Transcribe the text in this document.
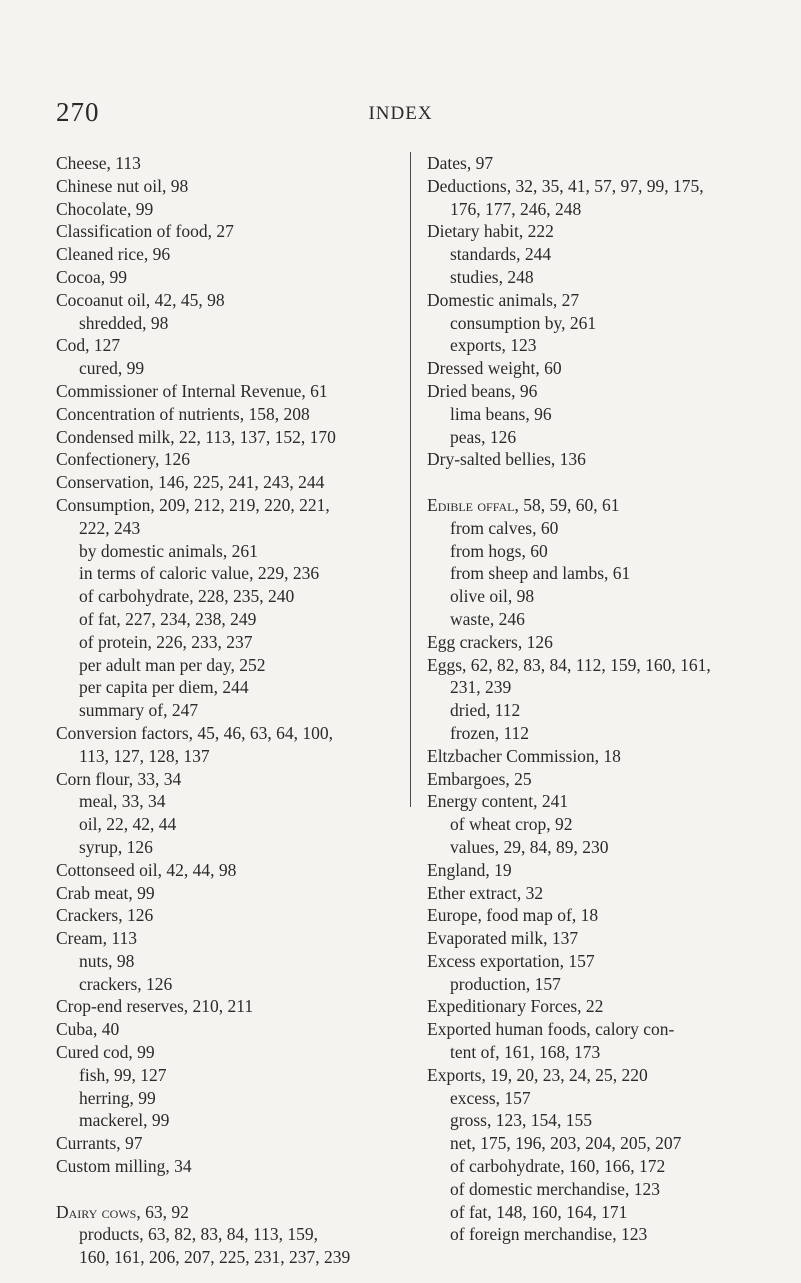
270	INDEX
Cheese, 113
Chinese nut oil, 98
Chocolate, 99
Classification of food, 27
Cleaned rice, 96
Cocoa, 99
Cocoanut oil, 42, 45, 98
shredded, 98
Cod, 127
cured, 99
Commissioner of Internal Revenue, 61
Concentration of nutrients, 158, 208
Condensed milk, 22, 113, 137, 152, 170
Confectionery, 126
Conservation, 146, 225, 241, 243, 244
Consumption, 209, 212, 219, 220, 221,
222, 243
by domestic animals, 261
in terms of caloric value, 229, 236
of carbohydrate, 228, 235, 240
of fat, 227, 234, 238, 249
of protein, 226, 233, 237
per adult man per day, 252
per capita per diem, 244
summary of, 247
Conversion factors, 45, 46, 63, 64, 100,
113, 127, 128, 137
Corn flour, 33, 34
meal, 33, 34
oil, 22, 42, 44
syrup, 126
Cottonseed oil, 42, 44, 98
Crab meat, 99
Crackers, 126
Cream, 113
nuts, 98
crackers, 126
Crop-end reserves, 210, 211
Cuba, 40
Cured cod, 99
fish, 99, 127
herring, 99
mackerel, 99
Currants, 97
Custom milling, 34
Dairy cows, 63, 92
products, 63, 82, 83, 84, 113, 159,
160, 161, 206, 207, 225, 231, 237, 239
Dates, 97
Deductions, 32, 35, 41, 57, 97, 99, 175,
176, 177, 246, 248
Dietary habit, 222
standards, 244
studies, 248
Domestic animals, 27
consumption by, 261
exports, 123
Dressed weight, 60
Dried beans, 96
lima beans, 96
peas, 126
Dry-salted bellies, 136
Edible offal, 58, 59, 60, 61
from calves, 60
from hogs, 60
from sheep and lambs, 61
olive oil, 98
waste, 246
Egg crackers, 126
Eggs, 62, 82, 83, 84, 112, 159, 160, 161,
231, 239
dried, 112
frozen, 112
Eltzbacher Commission, 18
Embargoes, 25
Energy content, 241
of wheat crop, 92
values, 29, 84, 89, 230
England, 19
Ether extract, 32
Europe, food map of, 18
Evaporated milk, 137
Excess exportation, 157
production, 157
Expeditionary Forces, 22
Exported human foods, calory con-
tent of, 161, 168, 173
Exports, 19, 20, 23, 24, 25, 220
excess, 157
gross, 123, 154, 155
net, 175, 196, 203, 204, 205, 207
of carbohydrate, 160, 166, 172
of domestic merchandise, 123
of fat, 148, 160, 164, 171
of foreign merchandise, 123
